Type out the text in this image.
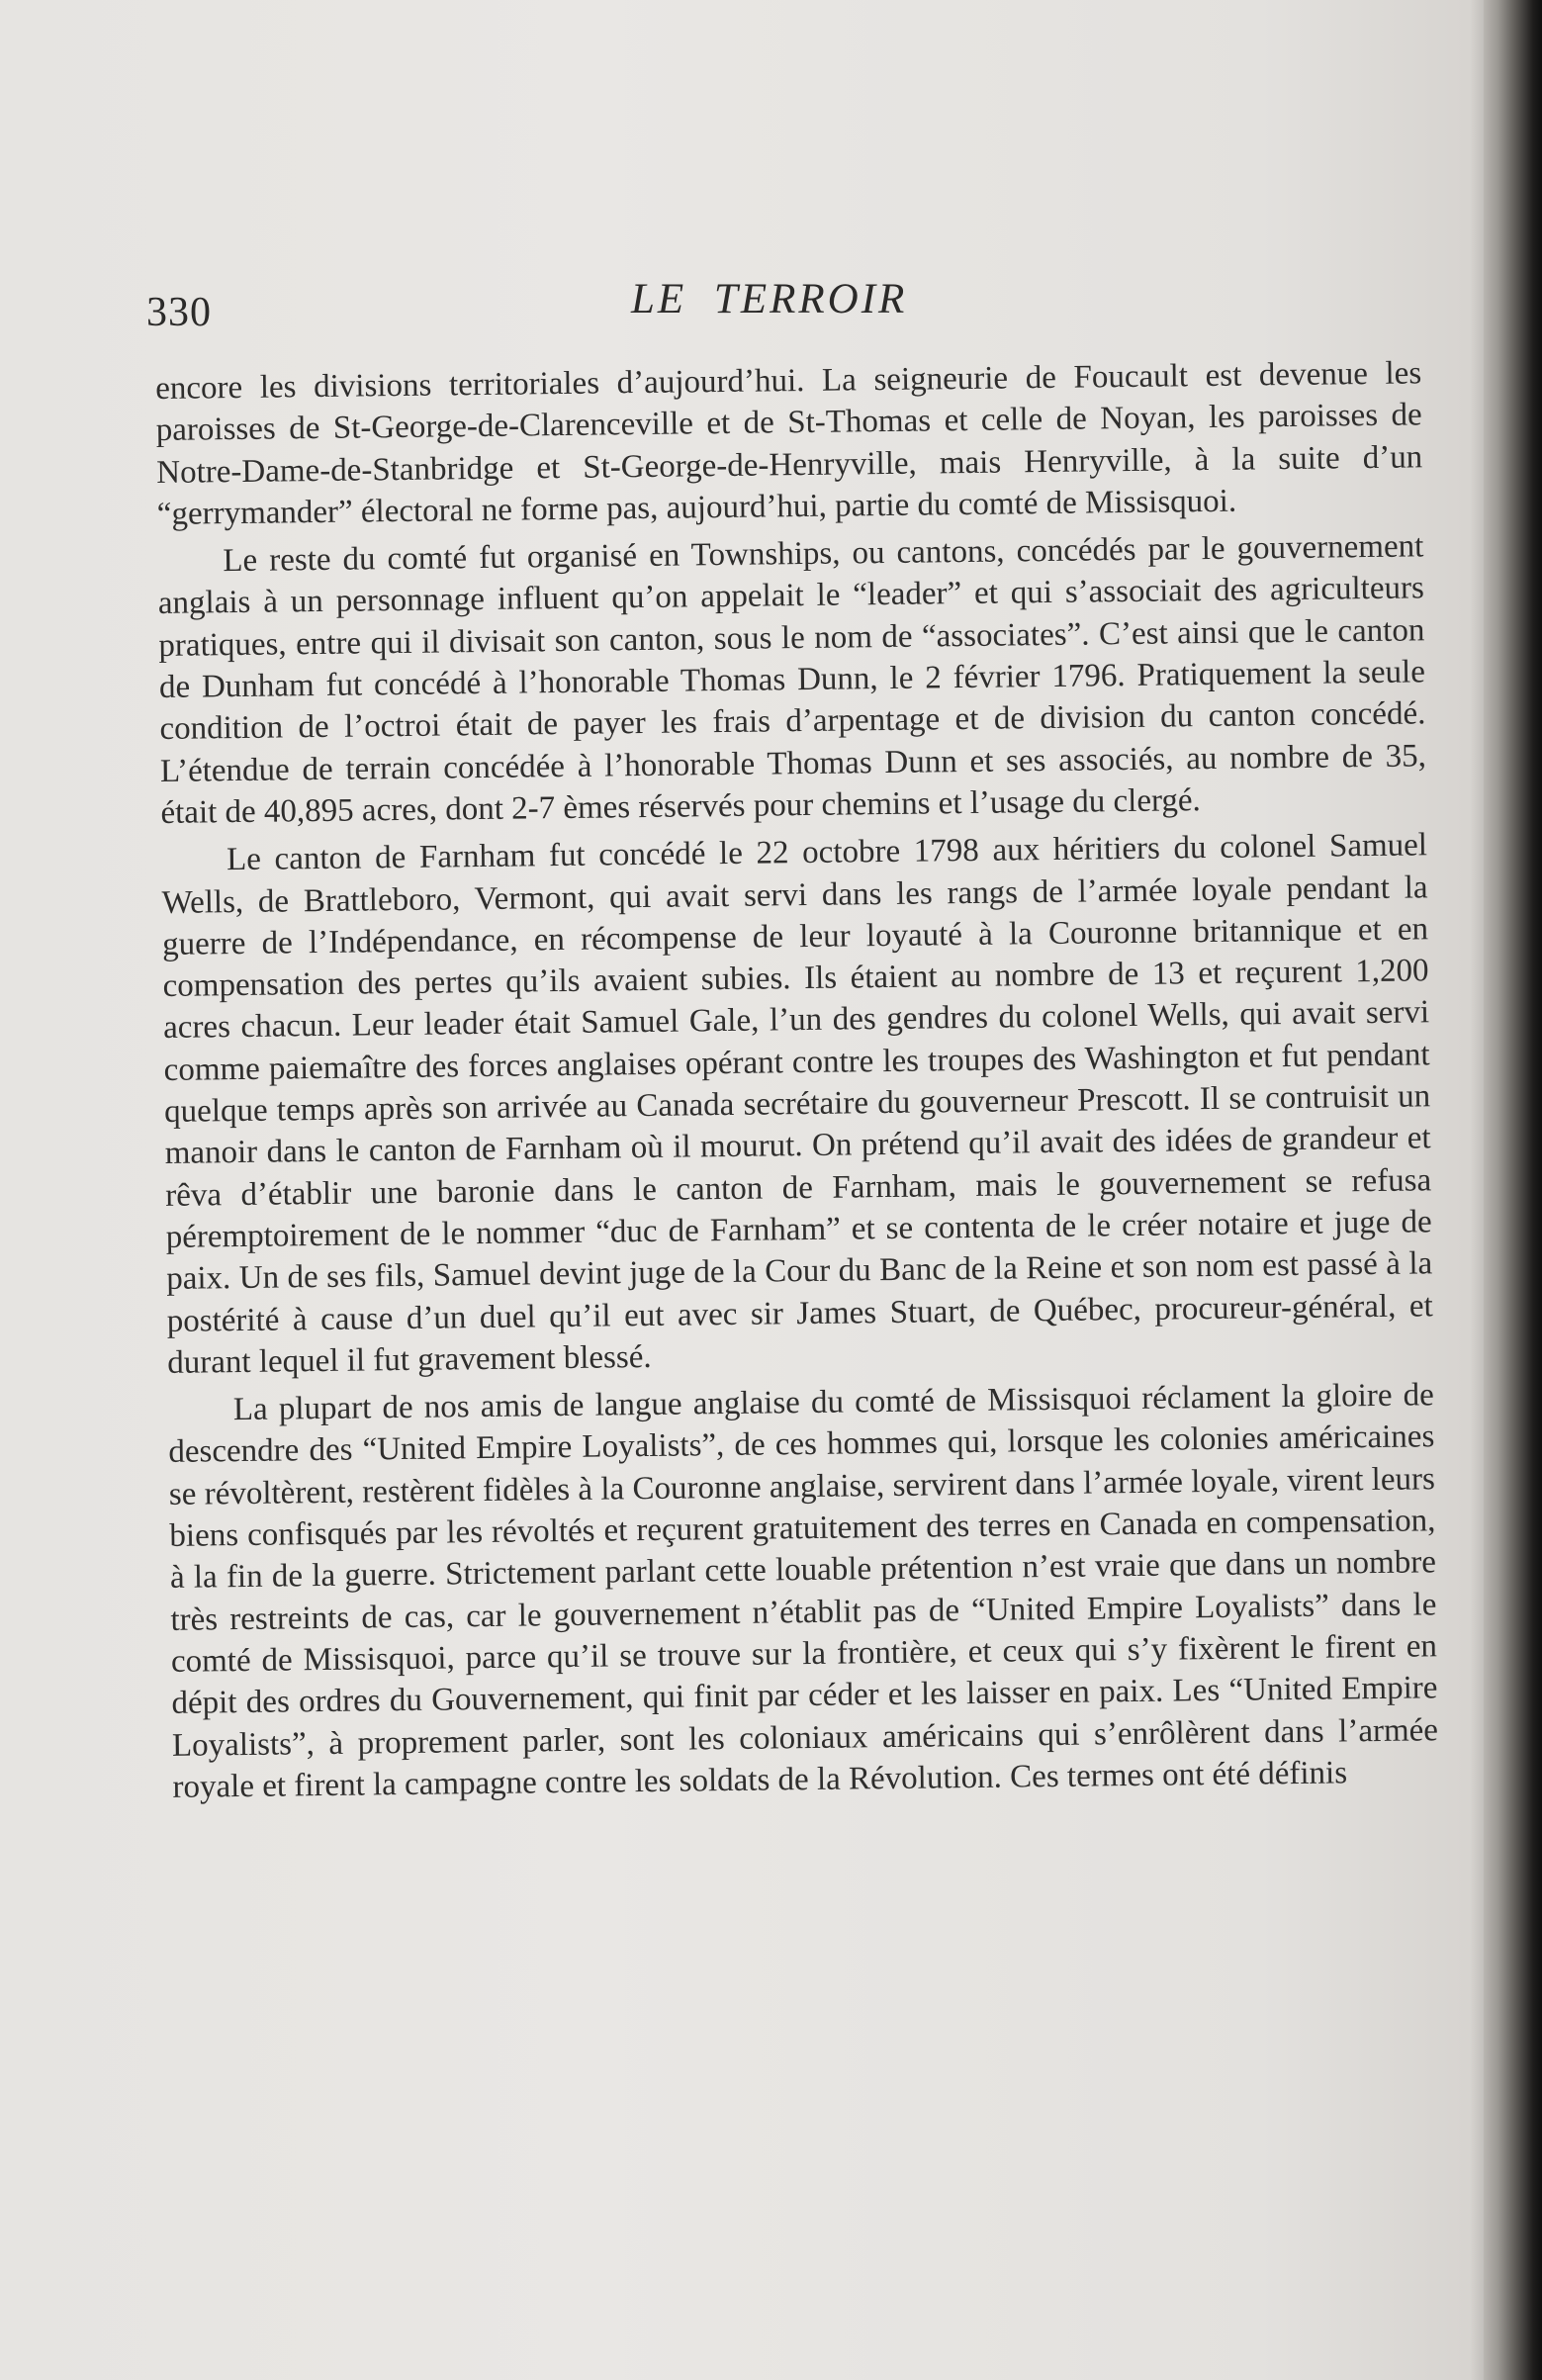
330	LE TERROIR

encore les divisions territoriales d’aujourd’hui. La seigneurie de Foucault est devenue les paroisses de St-George-de-Clarenceville et de St-Thomas et celle de Noyan, les paroisses de Notre-Dame-de-Stanbridge et St-George-de-Henryville, mais Henryville, à la suite d’un “gerrymander” électoral ne forme pas, aujourd’hui, partie du comté de Missisquoi.

Le reste du comté fut organisé en Townships, ou cantons, concédés par le gouvernement anglais à un personnage influent qu’on appelait le “leader” et qui s’associait des agriculteurs pratiques, entre qui il divisait son canton, sous le nom de “associates”. C’est ainsi que le canton de Dunham fut concédé à l’honorable Thomas Dunn, le 2 février 1796. Pratiquement la seule condition de l’octroi était de payer les frais d’arpentage et de division du canton concédé. L’étendue de terrain concédée à l’honorable Thomas Dunn et ses associés, au nombre de 35, était de 40,895 acres, dont 2-7 èmes réservés pour chemins et l’usage du clergé.

Le canton de Farnham fut concédé le 22 octobre 1798 aux héritiers du colonel Samuel Wells, de Brattleboro, Vermont, qui avait servi dans les rangs de l’armée loyale pendant la guerre de l’Indépendance, en récompense de leur loyauté à la Couronne britannique et en compensation des pertes qu’ils avaient subies. Ils étaient au nombre de 13 et reçurent 1,200 acres chacun. Leur leader était Samuel Gale, l’un des gendres du colonel Wells, qui avait servi comme paiemaître des forces anglaises opérant contre les troupes des Washington et fut pendant quelque temps après son arrivée au Canada secrétaire du gouverneur Prescott. Il se contruisit un manoir dans le canton de Farnham où il mourut. On prétend qu’il avait des idées de grandeur et rêva d’établir une baronie dans le canton de Farnham, mais le gouvernement se refusa péremptoirement de le nommer “duc de Farnham” et se contenta de le créer notaire et juge de paix. Un de ses fils, Samuel devint juge de la Cour du Banc de la Reine et son nom est passé à la postérité à cause d’un duel qu’il eut avec sir James Stuart, de Québec, procureur-général, et durant lequel il fut gravement blessé.

La plupart de nos amis de langue anglaise du comté de Missisquoi réclament la gloire de descendre des “United Empire Loyalists”, de ces hommes qui, lorsque les colonies américaines se révoltèrent, restèrent fidèles à la Couronne anglaise, servirent dans l’armée loyale, virent leurs biens confisqués par les révoltés et reçurent gratuitement des terres en Canada en compensation, à la fin de la guerre. Strictement parlant cette louable prétention n’est vraie que dans un nombre très restreints de cas, car le gouvernement n’établit pas de “United Empire Loyalists” dans le comté de Missisquoi, parce qu’il se trouve sur la frontière, et ceux qui s’y fixèrent le firent en dépit des ordres du Gouvernement, qui finit par céder et les laisser en paix. Les “United Empire Loyalists”, à proprement parler, sont les coloniaux américains qui s’enrôlèrent dans l’armée royale et firent la campagne contre les soldats de la Révolution. Ces termes ont été définis
